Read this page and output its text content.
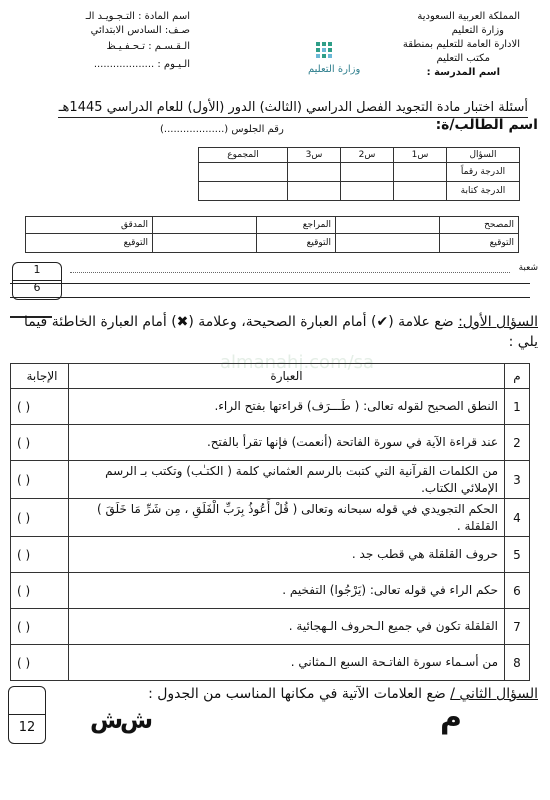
المملكة العربية السعودية
وزارة التعليم
الادارة العامة للتعليم بمنطقة
مكتب التعليم
اسم المدرسة :
وزارة التعليم
اسم المادة : التـجـويـد الـ
صـف: السادس الابتدائي
الـقـسـم : تـحـفـيـظ
الـيـوم : ...................
أسئلة اختبار مادة التجويد الفصل الدراسي (الثالث) الدور (الأول) للعام الدراسي 1445هـ
اسم الطالب/ة:
رقم الجلوس (...................)
السؤال	س1	س2	س3	المجموع
الدرجة رقماً				
الدرجة كتابة				
المصحح		المراجع		المدقق
التوقيع		التوقيع		التوقيع
شعبة
$\frac{1}{6}$
almanahj.com/sa
السؤال الأول: ضع علامة (✔) أمام العبارة الصحيحة، وعلامة (✖) أمام العبارة الخاطئة فيما يلي :
م	العبارة	الإجابة
1	النطق الصحيح لقوله تعالى: ( طَـــرَف) قراءتها بفتح الراء.	( )
2	عند قراءة الآية في سورة الفاتحة (أنعمت) فإنها تقرأ بالفتح.	( )
3	من الكلمات القرآنية التي كتبت بالرسم العثماني كلمة ( الكتـٰب) وتكتب بـ الرسم الإملائي الكتاب.	( )
4	الحكم التجويدي في قوله سبحانه وتعالى ( قُلْ أَعُوذُ بِرَبِّ الْفَلَقِ ، مِن شَرِّ مَا خَلَقَ ) القلقلة .	( )
5	حروف القلقلة هي قطب جد .	( )
6	حكم الراء في قوله تعالى: (يَرْجُوا) التفخيم .	( )
7	القلقلة تكون في جميع الـحروف الـهجائية .	( )
8	من أسـماء سورة الفاتـحة السبع الـمثاني .	( )
السؤال الثاني / ضع العلامات الآتية في مكانها المناسب من الجدول :
12	ش
ش	م
